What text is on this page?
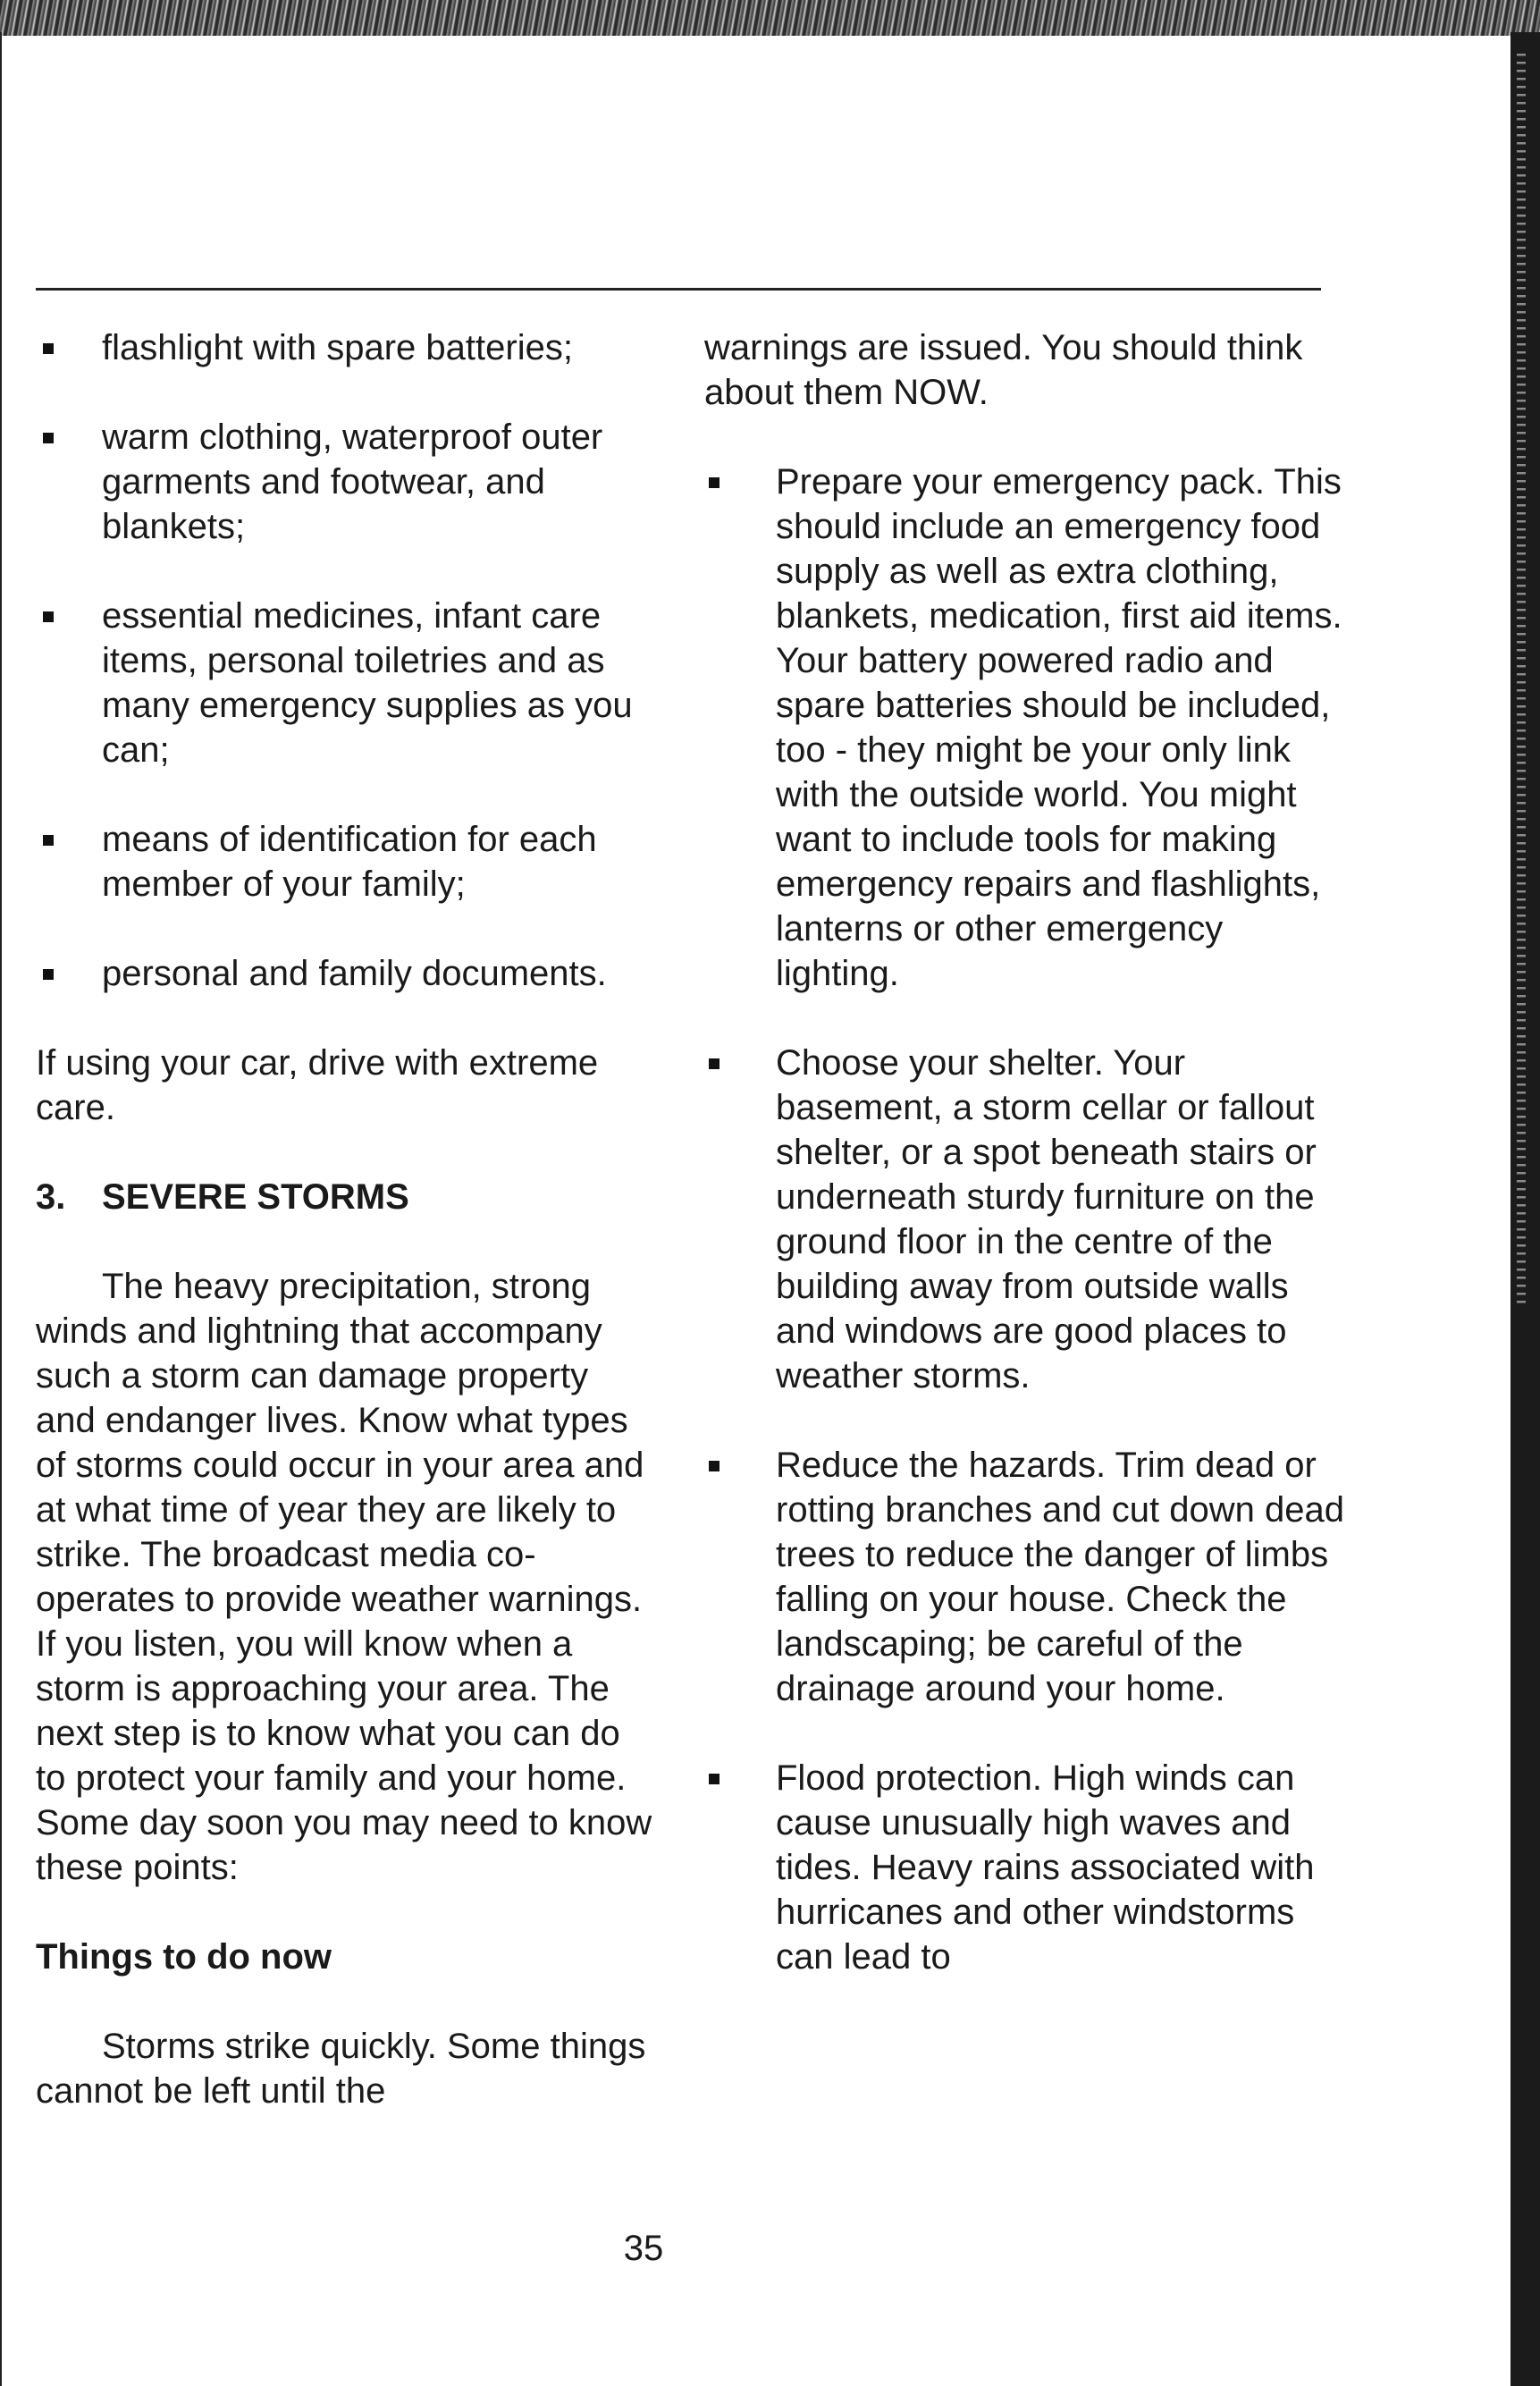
flashlight with spare batteries;
warm clothing, waterproof outer garments and footwear, and blankets;
essential medicines, infant care items, personal toiletries and as many emergency supplies as you can;
means of identification for each member of your family;
personal and family documents.
If using your car, drive with extreme care.
3. SEVERE STORMS
The heavy precipitation, strong winds and lightning that accompany such a storm can damage property and endanger lives. Know what types of storms could occur in your area and at what time of year they are likely to strike. The broadcast media co-operates to provide weather warnings. If you listen, you will know when a storm is approaching your area. The next step is to know what you can do to protect your family and your home. Some day soon you may need to know these points:
Things to do now
Storms strike quickly. Some things cannot be left until the
warnings are issued. You should think about them NOW.
Prepare your emergency pack. This should include an emergency food supply as well as extra clothing, blankets, medication, first aid items. Your battery powered radio and spare batteries should be included, too - they might be your only link with the outside world. You might want to include tools for making emergency repairs and flashlights, lanterns or other emergency lighting.
Choose your shelter. Your basement, a storm cellar or fallout shelter, or a spot beneath stairs or underneath sturdy furniture on the ground floor in the centre of the building away from outside walls and windows are good places to weather storms.
Reduce the hazards. Trim dead or rotting branches and cut down dead trees to reduce the danger of limbs falling on your house. Check the landscaping; be careful of the drainage around your home.
Flood protection. High winds can cause unusually high waves and tides. Heavy rains associated with hurricanes and other windstorms can lead to
35
